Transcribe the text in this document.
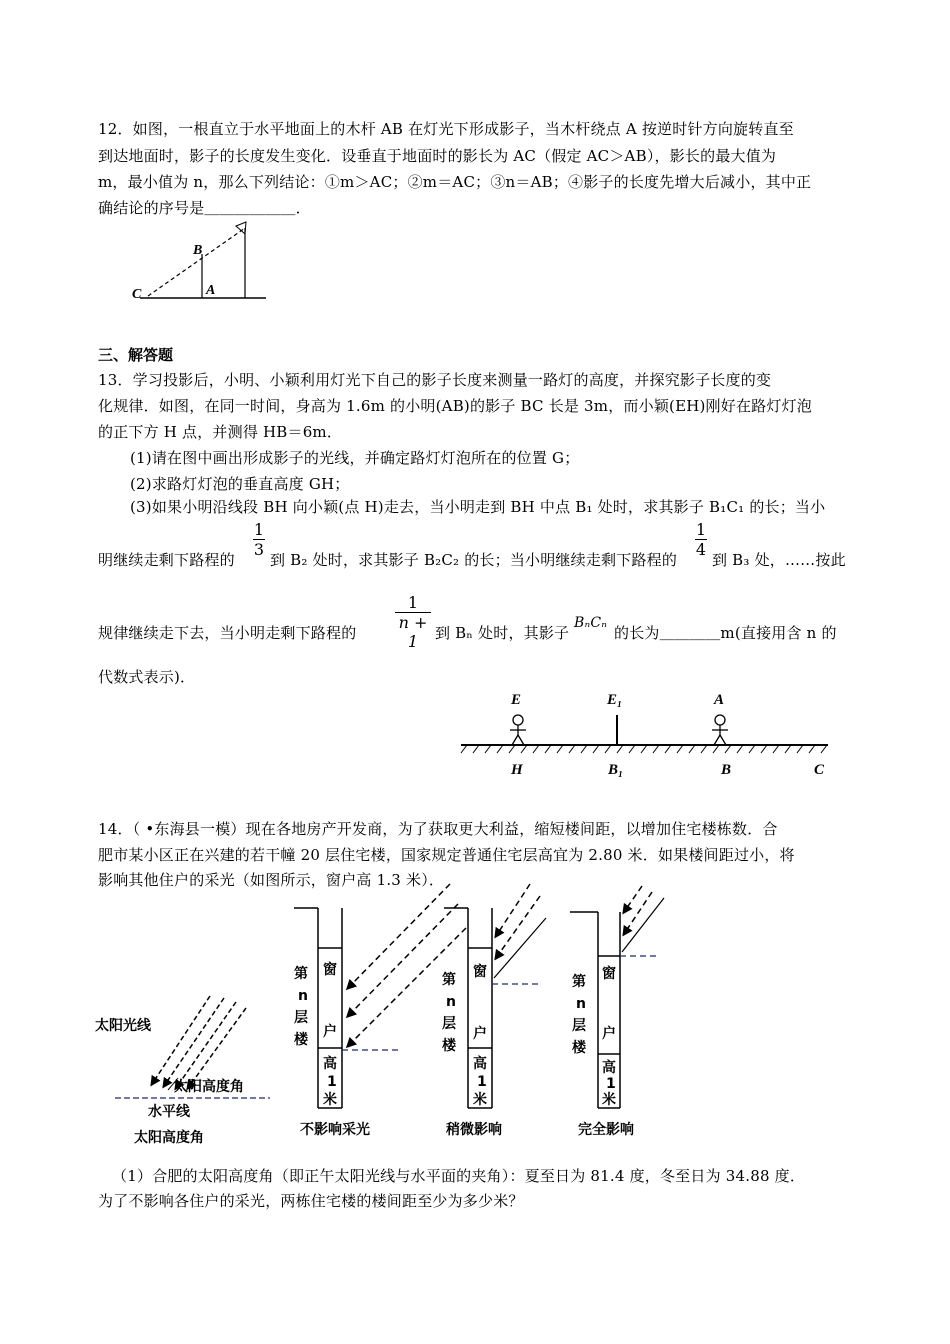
12．如图，一根直立于水平地面上的木杆 AB 在灯光下形成影子，当木杆绕点 A 按逆时针方向旋转直至
到达地面时，影子的长度发生变化．设垂直于地面时的影长为 AC（假定 AC＞AB），影长的最大值为
m，最小值为 n，那么下列结论：①m＞AC；②m＝AC；③n＝AB；④影子的长度先增大后减小，其中正
确结论的序号是＿＿＿＿＿＿．
B
A
C
三、解答题
13．学习投影后，小明、小颖利用灯光下自己的影子长度来测量一路灯的高度，并探究影子长度的变
化规律．如图，在同一时间，身高为 1.6m 的小明(AB)的影子 BC 长是 3m，而小颖(EH)刚好在路灯灯泡
的正下方 H 点，并测得 HB＝6m．
(1)请在图中画出形成影子的光线，并确定路灯灯泡所在的位置 G；
(2)求路灯灯泡的垂直高度 GH；
(3)如果小明沿线段 BH 向小颖(点 H)走去，当小明走到 BH 中点 B₁ 处时，求其影子 B₁C₁ 的长；当小
明继续走剩下路程的
1
3
到 B₂ 处时，求其影子 B₂C₂ 的长；当小明继续走剩下路程的
1
4
到 B₃ 处，……按此
规律继续走下去，当小明走剩下路程的
1
n + 1	到 Bₙ 处时，其影子
BₙCₙ
的长为＿＿＿＿m(直接用含 n 的
代数式表示)．
E	E₁	A
H	B₁	B	C
14．（ •东海县一模）现在各地房产开发商，为了获取更大利益，缩短楼间距，以增加住宅楼栋数．合
肥市某小区正在兴建的若干幢 20 层住宅楼，国家规定普通住宅层高宜为 2.80 米．如果楼间距过小，将
影响其他住户的采光（如图所示，窗户高 1.3 米）．
太阳光线
太阳高度角
水平线
太阳高度角
第
n
层
楼
窗
户
高
1
米
不影响采光
第
n
层
楼
窗
户
高
1
米
稍微影响
第
n
层
楼
窗
户
高
1
米
完全影响
（1）合肥的太阳高度角（即正午太阳光线与水平面的夹角）：夏至日为 81.4 度，冬至日为 34.88 度．
为了不影响各住户的采光，两栋住宅楼的楼间距至少为多少米？
